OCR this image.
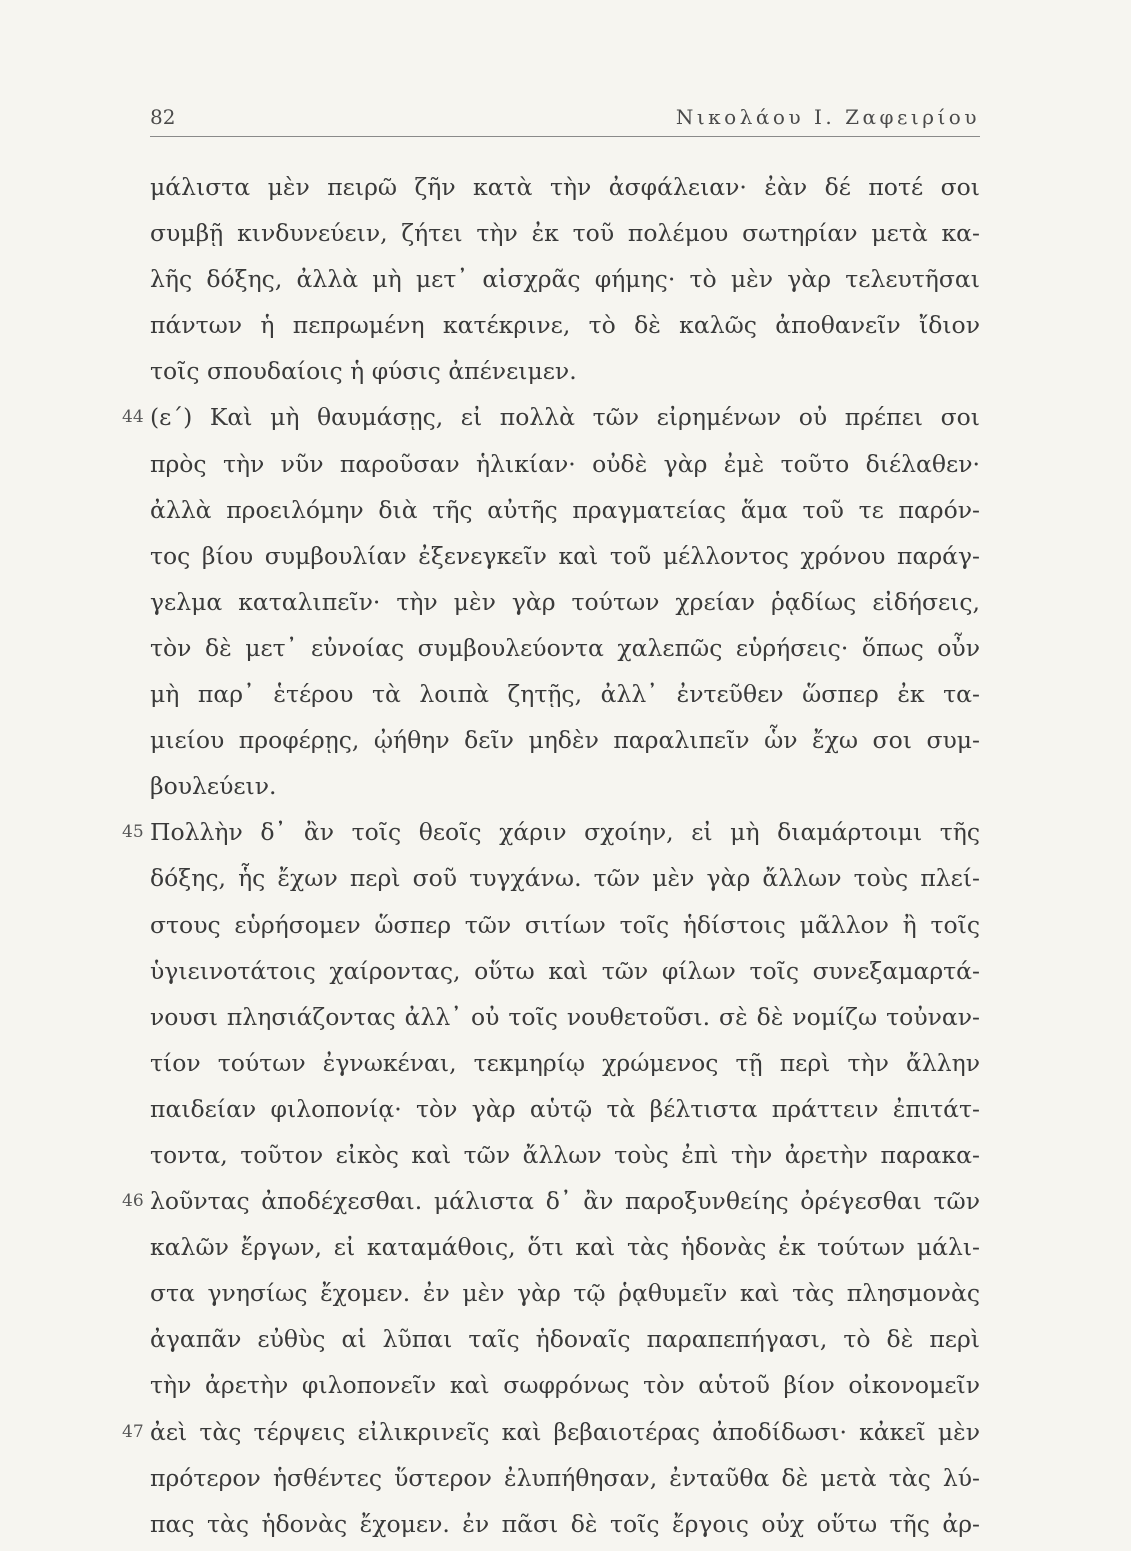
82	Νικολάου Ι. Ζαφειρίου
μάλιστα μὲν πειρῶ ζῆν κατὰ τὴν ἀσφάλειαν· ἐὰν δέ ποτέ σοι
συμβῇ κινδυνεύειν, ζήτει τὴν ἐκ τοῦ πολέμου σωτηρίαν μετὰ κα-
λῆς δόξης, ἀλλὰ μὴ μετ᾽ αἰσχρᾶς φήμης· τὸ μὲν γὰρ τελευτῆσαι
πάντων ἡ πεπρωμένη κατέκρινε, τὸ δὲ καλῶς ἀποθανεῖν ἴδιον
τοῖς σπουδαίοις ἡ φύσις ἀπένειμεν.
44 (ε΄) Καὶ μὴ θαυμάσῃς, εἰ πολλὰ τῶν εἰρημένων οὐ πρέπει σοι
πρὸς τὴν νῦν παροῦσαν ἡλικίαν· οὐδὲ γὰρ ἐμὲ τοῦτο διέλαθεν·
ἀλλὰ προειλόμην διὰ τῆς αὐτῆς πραγματείας ἅμα τοῦ τε παρόν-
τος βίου συμβουλίαν ἐξενεγκεῖν καὶ τοῦ μέλλοντος χρόνου παράγ-
γελμα καταλιπεῖν· τὴν μὲν γὰρ τούτων χρείαν ῥᾳδίως εἰδήσεις,
τὸν δὲ μετ᾽ εὐνοίας συμβουλεύοντα χαλεπῶς εὑρήσεις· ὅπως οὖν
μὴ παρ᾽ ἑτέρου τὰ λοιπὰ ζητῇς, ἀλλ᾽ ἐντεῦθεν ὥσπερ ἐκ τα-
μιείου προφέρῃς, ᾠήθην δεῖν μηδὲν παραλιπεῖν ὧν ἔχω σοι συμ-
βουλεύειν.
45 Πολλὴν δ᾽ ἂν τοῖς θεοῖς χάριν σχοίην, εἰ μὴ διαμάρτοιμι τῆς
δόξης, ἧς ἔχων περὶ σοῦ τυγχάνω. τῶν μὲν γὰρ ἄλλων τοὺς πλεί-
στους εὑρήσομεν ὥσπερ τῶν σιτίων τοῖς ἡδίστοις μᾶλλον ἢ τοῖς
ὑγιεινοτάτοις χαίροντας, οὕτω καὶ τῶν φίλων τοῖς συνεξαμαρτά-
νουσι πλησιάζοντας ἀλλ᾽ οὐ τοῖς νουθετοῦσι. σὲ δὲ νομίζω τοὐναν-
τίον τούτων ἐγνωκέναι, τεκμηρίῳ χρώμενος τῇ περὶ τὴν ἄλλην
παιδείαν φιλοπονίᾳ· τὸν γὰρ αὑτῷ τὰ βέλτιστα πράττειν ἐπιτάτ-
τοντα, τοῦτον εἰκὸς καὶ τῶν ἄλλων τοὺς ἐπὶ τὴν ἀρετὴν παρακα-
46 λοῦντας ἀποδέχεσθαι. μάλιστα δ᾽ ἂν παροξυνθείης ὀρέγεσθαι τῶν
καλῶν ἔργων, εἰ καταμάθοις, ὅτι καὶ τὰς ἡδονὰς ἐκ τούτων μάλι-
στα γνησίως ἔχομεν. ἐν μὲν γὰρ τῷ ῥᾳθυμεῖν καὶ τὰς πλησμονὰς
ἀγαπᾶν εὐθὺς αἱ λῦπαι ταῖς ἡδοναῖς παραπεπήγασι, τὸ δὲ περὶ
τὴν ἀρετὴν φιλοπονεῖν καὶ σωφρόνως τὸν αὑτοῦ βίον οἰκονομεῖν
47 ἀεὶ τὰς τέρψεις εἰλικρινεῖς καὶ βεβαιοτέρας ἀποδίδωσι· κἀκεῖ μὲν
πρότερον ἡσθέντες ὕστερον ἐλυπήθησαν, ἐνταῦθα δὲ μετὰ τὰς λύ-
πας τὰς ἡδονὰς ἔχομεν. ἐν πᾶσι δὲ τοῖς ἔργοις οὐχ οὕτω τῆς ἀρ-
